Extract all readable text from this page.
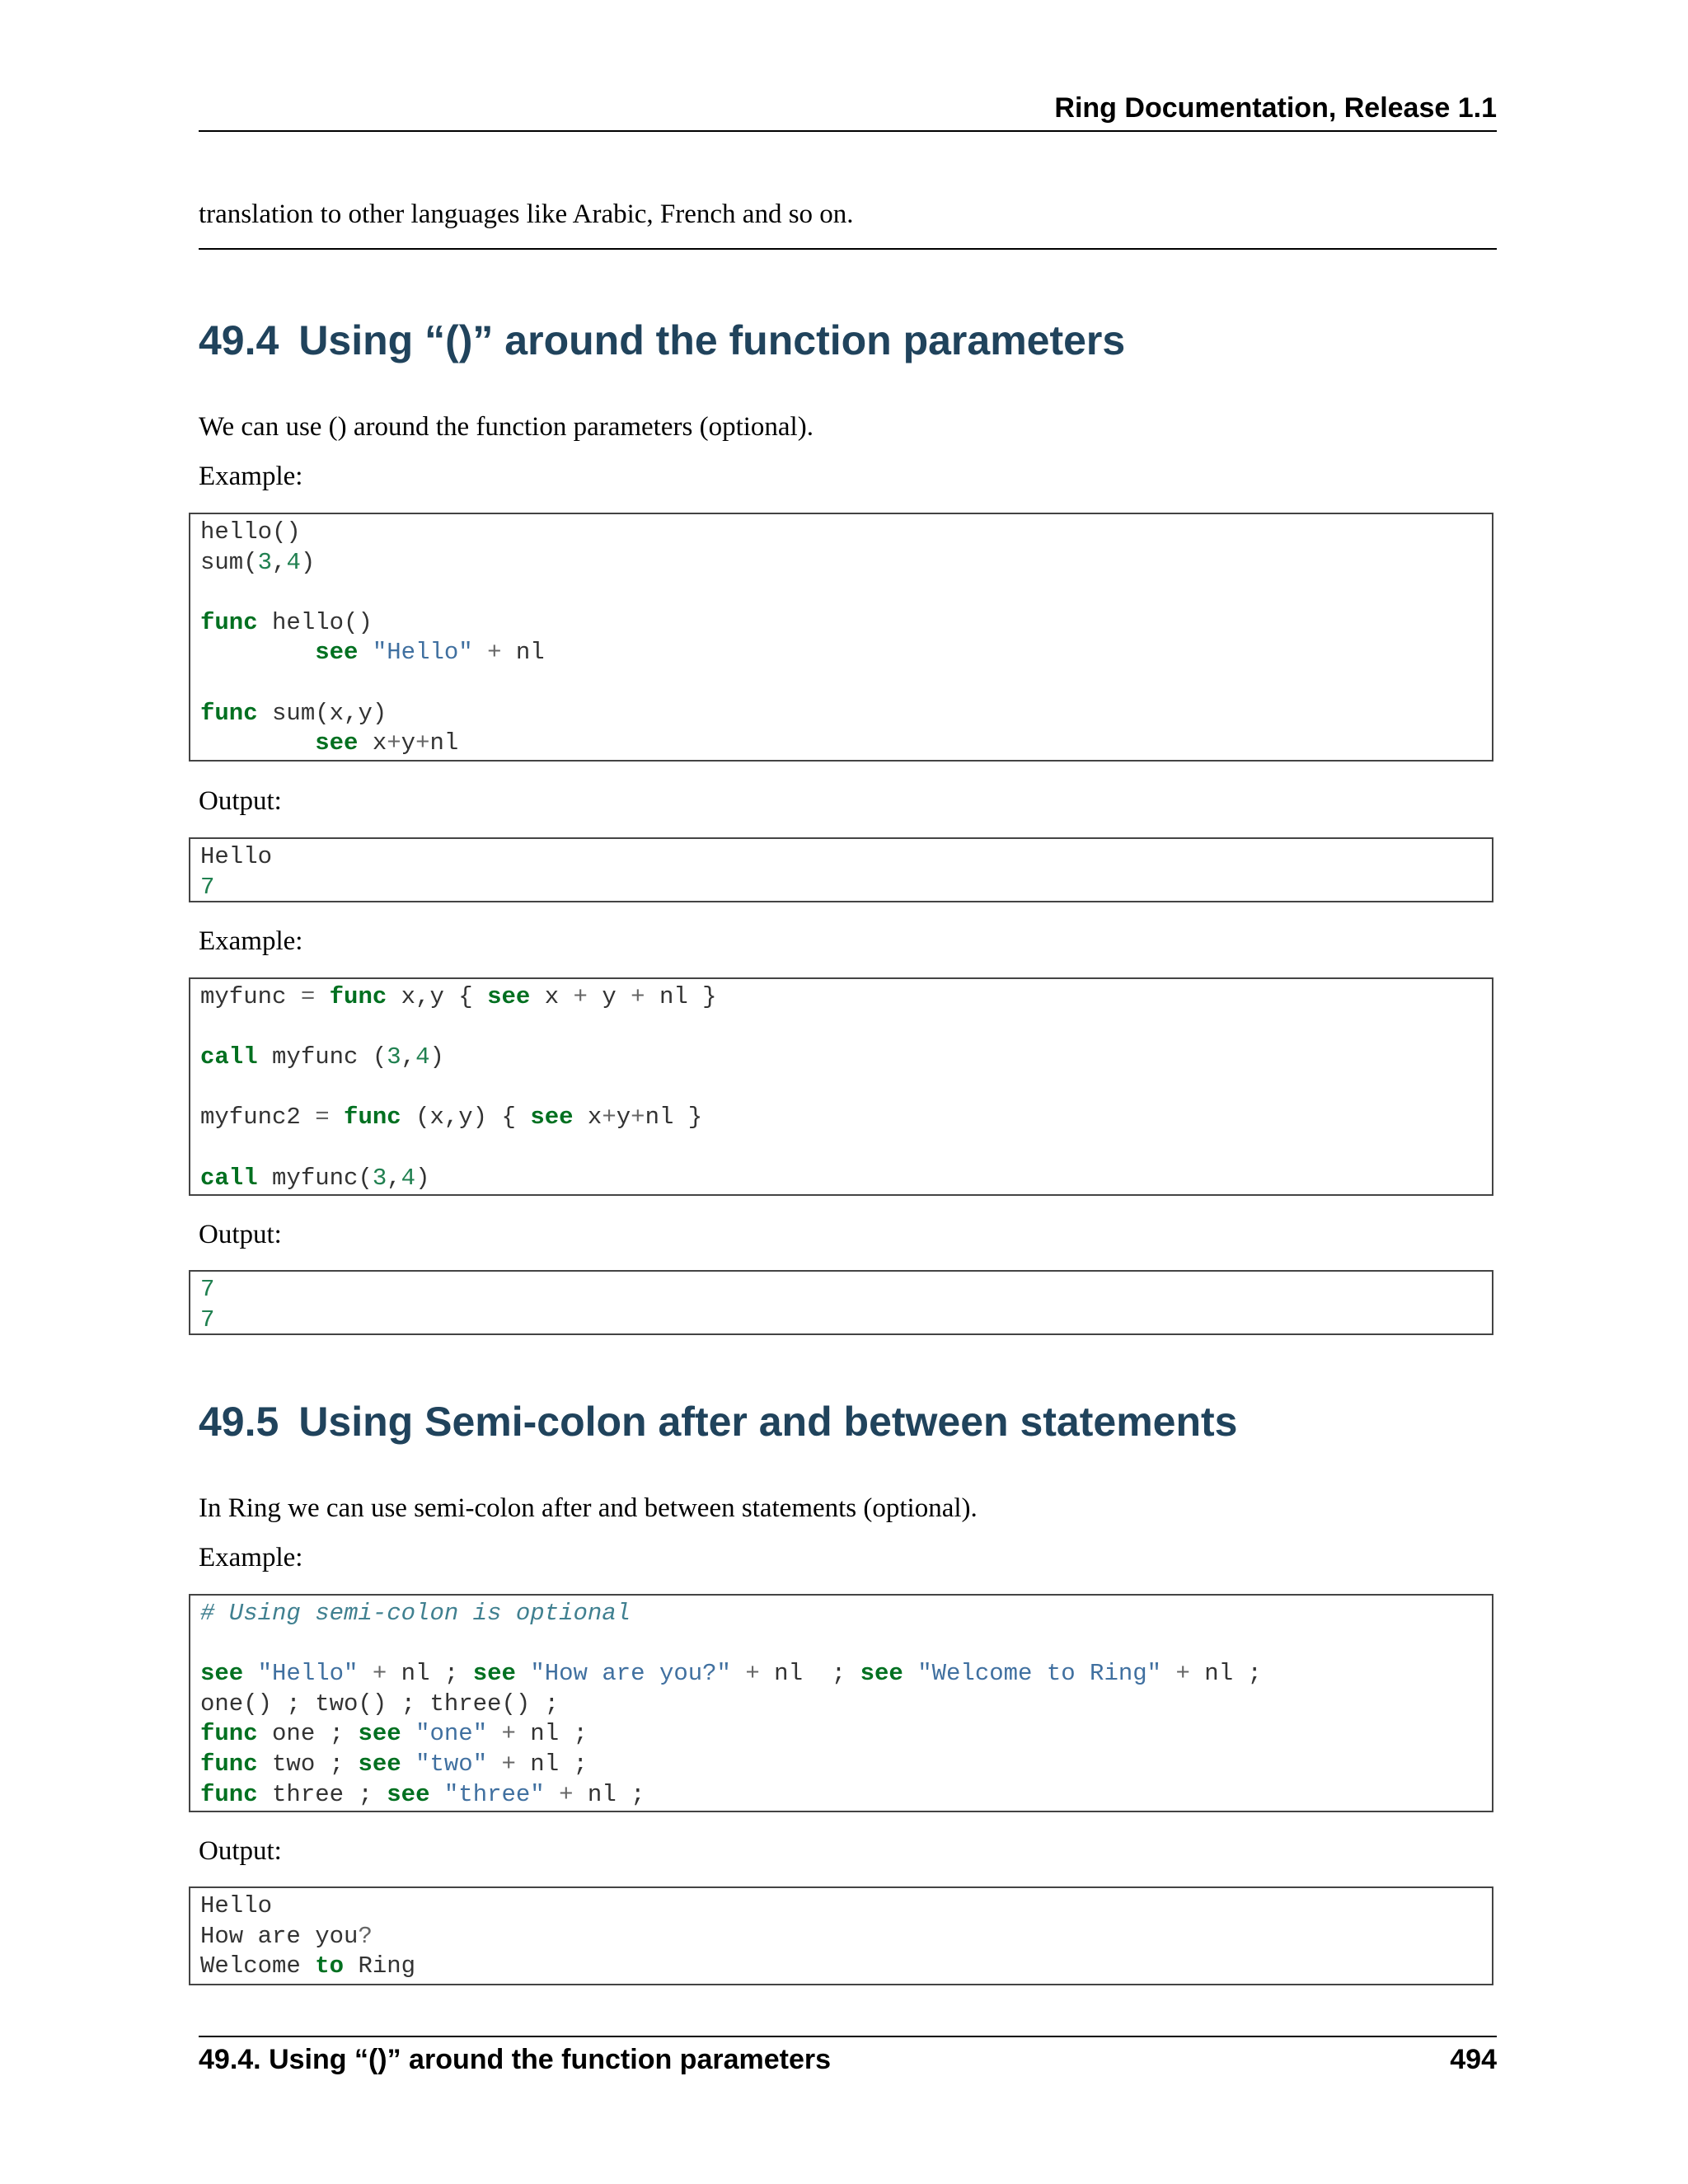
Ring Documentation, Release 1.1

translation to other languages like Arabic, French and so on.

49.4 Using “()” around the function parameters

We can use () around the function parameters (optional).

Example:

hello()
sum(3,4)

func hello()
see "Hello" + nl

func sum(x,y)
see x+y+nl

Output:

Hello
7

Example:

myfunc = func x,y { see x + y + nl }

call myfunc (3,4)

myfunc2 = func (x,y) { see x+y+nl }

call myfunc(3,4)

Output:

7
7
49.5 Using Semi-colon after and between statements

In Ring we can use semi-colon after and between statements (optional).

Example:

# Using semi-colon is optional

see "Hello" + nl ; see "How are you?" + nl  ; see "Welcome to Ring" + nl ;
one() ; two() ; three() ;
func one ; see "one" + nl ;
func two ; see "two" + nl ;
func three ; see "three" + nl ;

Output:

Hello
How are you?
Welcome to Ring
49.4. Using “()” around the function parameters	494
